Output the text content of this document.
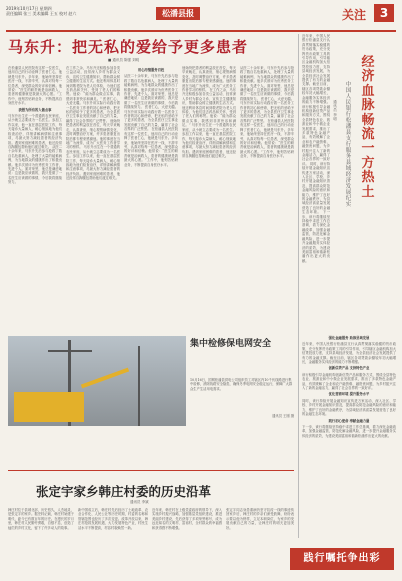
2019年10月17日 星期四
责任编辑 张三 美术编辑 王五 校对 赵六	松潘县报	关注	3
马东升：把无私的爱给予更多患者
■ 通讯员 陈强 刘明
在松潘县人民医院有这样一位医生，他用自己的行动诠释了医者仁心，他就是马东升。多年来，他始终坚持在医疗一线，不辞辛劳，认真对待每一位患者，深受群众的好评和信赖。他常说：“医生的职责就是治病救人，患者的健康就是我最大的心愿。”工作中，他刻苦钻研业务，不断提高自身医疗水平。
我想为所有的人做点事
马东升出生在一个普通的农民家庭，从小就立志要成为一名医生。参加工作以来，他一直在基层医院工作，每天接诊大量病人，耐心细致地为他们检查治疗，详细讲解病情和注意事项，尽最大努力减轻患者的经济负担。遇到家庭困难的患者，他还经常自掏腰包帮助他们渡过难关。 从医二十余年来，马东升先后参与抢救了数百名危重病人，处理了大量的疑难病例，为当地群众的健康作出了积极贡献。他多次被评为优秀医务工作者，先进个人。面对荣誉，他总是谦虚地说：这是我应该做的，我只是做了一名医生应该做的事情，今后我将继续努力。
在工作之余，马东升还积极参加各类公益活动，经常深入乡村为群众义诊，宣传卫生健康知识，帮助群众树立健康的生活方式。他还利用休息时间到敬老院为老人们体检，为他们送去药品和关怀，受到了老人们的称赞。他说：“能为群众做点实事，我感到非常快乐和满足。” 医者仁心，大爱无疆。马东升用实际行动践行着一名医务工作者的初心和使命，把无私的爱给予了更多的患者，为全县医疗卫生事业发展贡献了自己的力量，赢得了社会各界的广泛赞誉。 他始终把患者的利益放在首位，每天早来晚走，认真查房，细心观察病情变化，及时调整治疗方案，许多患者康复出院后都专程来感谢他。他的事迹在当地广为流传，成为广大医务工作者学习的榜样。 马东升出生在一个普通的农民家庭，从小就立志要成为一名医生。参加工作以来，他一直在基层医院工作，每天接诊大量病人，耐心细致地为他们检查治疗，详细讲解病情和注意事项，尽最大努力减轻患者的经济负担。遇到家庭困难的患者，他还经常自掏腰包帮助他们渡过难关。
用心用情服务百姓
从医二十余年来，马东升先后参与抢救了数百名危重病人，处理了大量的疑难病例，为当地群众的健康作出了积极贡献。他多次被评为优秀医务工作者，先进个人。面对荣誉，他总是谦虚地说：这是我应该做的，我只是做了一名医生应该做的事情，今后我将继续努力。 医者仁心，大爱无疆。马东升用实际行动践行着一名医务工作者的初心和使命，把无私的爱给予了更多的患者，为全县医疗卫生事业发展贡献了自己的力量，赢得了社会各界的广泛赞誉。 在松潘县人民医院有这样一位医生，他用自己的行动诠释了医者仁心，他就是马东升。多年来，他始终坚持在医疗一线，不辞辛劳，认真对待每一位患者，深受群众的好评和信赖。他常说：“医生的职责就是治病救人，患者的健康就是我最大的心愿。”工作中，他刻苦钻研业务，不断提高自身医疗水平。
他始终把患者的利益放在首位，每天早来晚走，认真查房，细心观察病情变化，及时调整治疗方案，许多患者康复出院后都专程来感谢他。他的事迹在当地广为流传，成为广大医务工作者学习的榜样。 在工作之余，马东升还积极参加各类公益活动，经常深入乡村为群众义诊，宣传卫生健康知识，帮助群众树立健康的生活方式。他还利用休息时间到敬老院为老人们体检，为他们送去药品和关怀，受到了老人们的称赞。他说：“能为群众做点实事，我感到非常快乐和满足。” 马东升出生在一个普通的农民家庭，从小就立志要成为一名医生。参加工作以来，他一直在基层医院工作，每天接诊大量病人，耐心细致地为他们检查治疗，详细讲解病情和注意事项，尽最大努力减轻患者的经济负担。遇到家庭困难的患者，他还经常自掏腰包帮助他们渡过难关。
从医二十余年来，马东升先后参与抢救了数百名危重病人，处理了大量的疑难病例，为当地群众的健康作出了积极贡献。他多次被评为优秀医务工作者，先进个人。面对荣誉，他总是谦虚地说：这是我应该做的，我只是做了一名医生应该做的事情，今后我将继续努力。 医者仁心，大爱无疆。马东升用实际行动践行着一名医务工作者的初心和使命，把无私的爱给予了更多的患者，为全县医疗卫生事业发展贡献了自己的力量，赢得了社会各界的广泛赞誉。 在松潘县人民医院有这样一位医生，他用自己的行动诠释了医者仁心，他就是马东升。多年来，他始终坚持在医疗一线，不辞辛劳，认真对待每一位患者，深受群众的好评和信赖。他常说：“医生的职责就是治病救人，患者的健康就是我最大的心愿。”工作中，他刻苦钻研业务，不断提高自身医疗水平。
近年来，中国人民银行松潘县支行认真贯彻落实稳健的货币政策，充分发挥货币政策工具的引导作用，引导辖区金融机构加大信贷投放力度，支持县域经济发展，为全县经济社会发展提供了有力的金融支撑。截至目前，辖区各项贷款余额较年初大幅增长，金融服务实体经济的能力不断增强。 该行积极引导金融机构创新信贷产品和服务方式，围绕全县特色农业、旅游业和中小微企业发展需求，推出了多款特色金融产品，有效缓解了企业和农户融资难、融资贵问题，为乡村振兴注入了新的金融活力，赢得了社会各界的一致好评。 同时，该行持续开展金融知识宣传进万家活动，深入社区、学校、乡村开展金融知识普及，提高群众防范金融风险的意识和能力，维护了良好的金融秩序，为县域经济高质量发展营造了良好的金融生态环境。 下一步，该行将继续坚持稳中求进工作总基调，着力深化金融改革，加强金融监管，防范化解金融风险，进一步提升金融服务实体经济的质效，为建设美丽富裕和谐新松潘作出更大的贡献。
经济血脉畅流一方热土
中国人民银行松潘县支行服务县域经济发展纪实
通讯员 李明
强化金融服务 助推县域发展
近年来，中国人民银行松潘县支行认真贯彻落实稳健的货币政策，充分发挥货币政策工具的引导作用，引导辖区金融机构加大信贷投放力度，支持县域经济发展，为全县经济社会发展提供了有力的金融支撑。截至目前，辖区各项贷款余额较年初大幅增长，金融服务实体经济的能力不断增强。
创新信贷产品 支持特色产业
该行积极引导金融机构创新信贷产品和服务方式，围绕全县特色农业、旅游业和中小微企业发展需求，推出了多款特色金融产品，有效缓解了企业和农户融资难、融资贵问题，为乡村振兴注入了新的金融活力，赢得了社会各界的一致好评。
优化营商环境 提升服务水平
同时，该行持续开展金融知识宣传进万家活动，深入社区、学校、乡村开展金融知识普及，提高群众防范金融风险的意识和能力，维护了良好的金融秩序，为县域经济高质量发展营造了良好的金融生态环境。
践行初心使命 奉献金融力量
下一步，该行将继续坚持稳中求进工作总基调，着力深化金融改革，加强金融监管，防范化解金融风险，进一步提升金融服务实体经济的质效，为建设美丽富裕和谐新松潘作出更大的贡献。
集中检修保电网安全
10月16日，国网松潘县供电公司组织员工对辖区内10千伏线路进行集中检修，消除线路安全隐患，确保冬季电网安全稳定运行，保障广大群众生产生活用电需求。
通讯员 王刚 摄
张定宇家乡韩庄村委的历史沿革
通讯员 李斌
韩庄村位于县城北部，历史悠久，人杰地灵，是张定宇的家乡。据史料记载，韩庄村始建于明代，距今已有数百年的历史。在漫长的岁月里，韩庄村人民勤劳勇敢，自强不息，创造了灿烂的乡村文化，留下了许多动人的故事。
新中国成立后，韩庄村先后经历了土地改革、农业合作化、人民公社等历史时期，村委的名称和管辖范围也经历了多次变更。改革开放以来，韩庄村抢抓发展机遇，大力发展特色产业，村民生活水平不断提高，村容村貌焕然一新。
近年来，韩庄村在上级党委政府的领导下，深入实施乡村振兴战略，加强基层党组织建设，推进美丽乡村建设，先后获得了多项荣誉称号，成为远近闻名的文明村、富裕村，全村群众的幸福感和获得感不断增强。
张定宇同志身患重病仍坚守抗疫一线的事迹传回家乡后，韩庄村的乡亲们深受鼓舞，纷纷表示要以他为榜样，立足本职岗位，为家乡的发展贡献自己的力量，让韩庄村的明天更加美好。
践行嘱托争出彩
